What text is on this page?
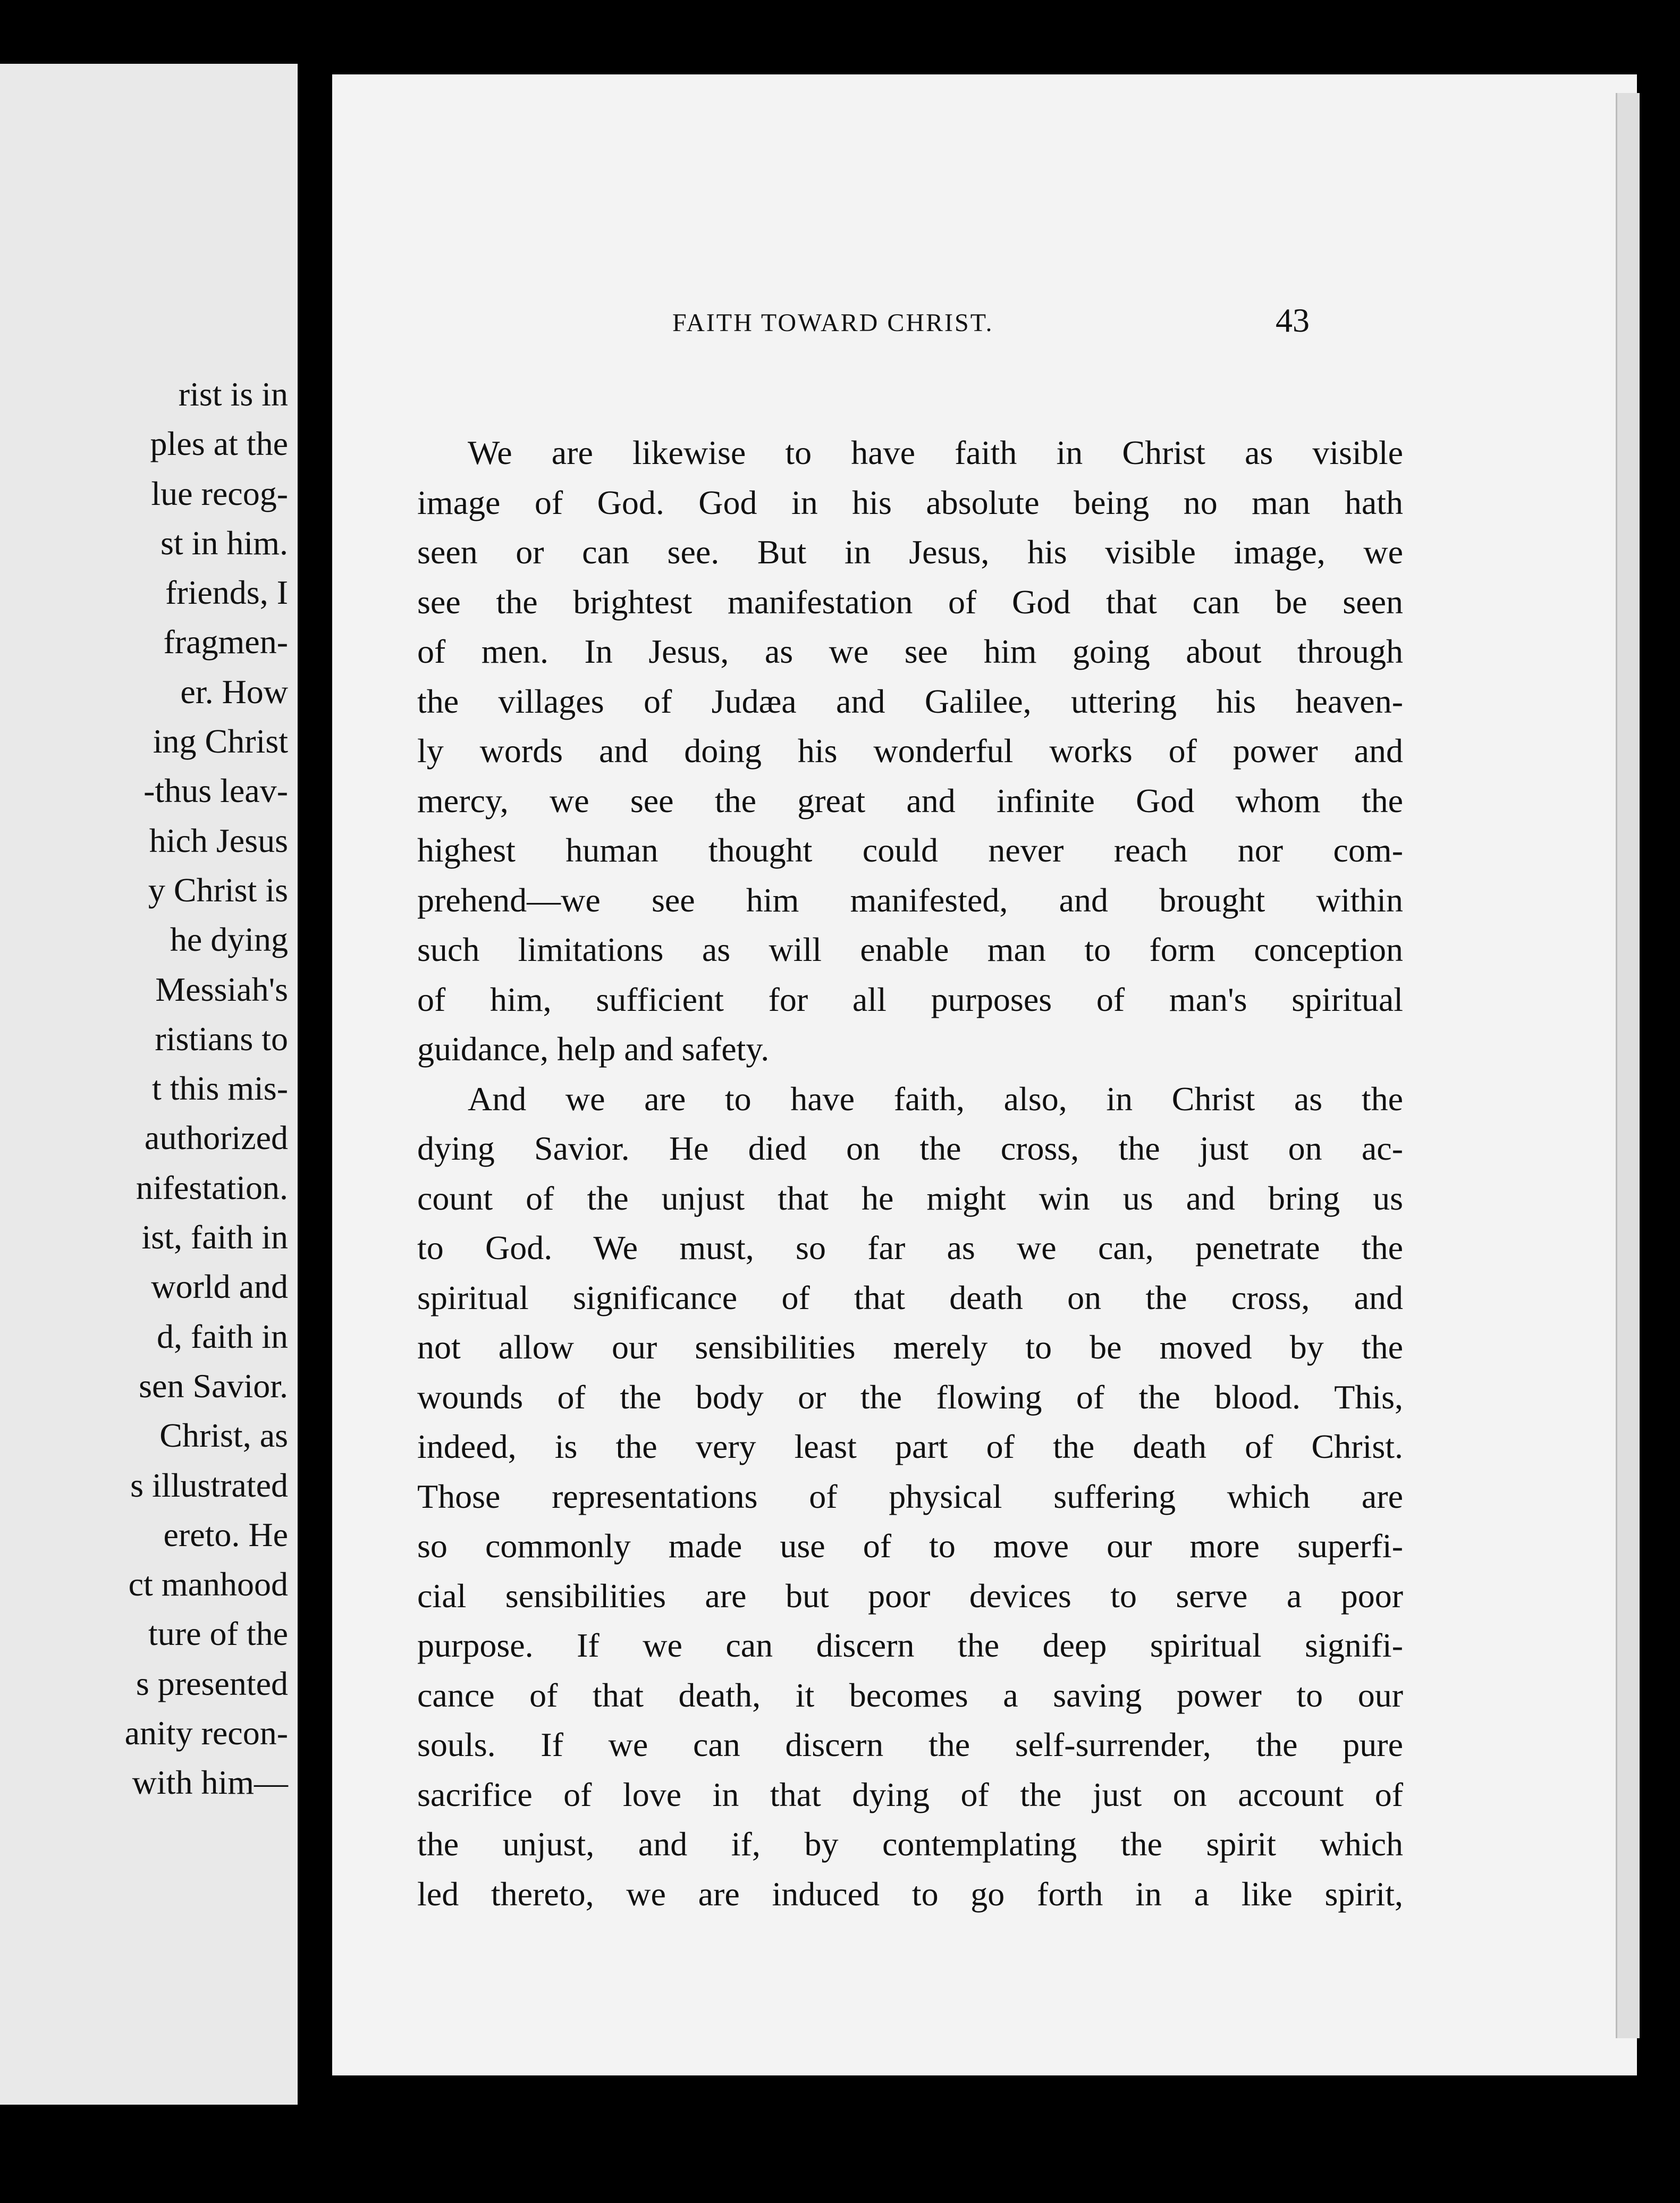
rist is in
ples at the
lue recog-
st in him.
friends, I
fragmen-
er. How
ing Christ
-thus leav-
hich Jesus
y Christ is
he dying
Messiah's
ristians to
t this mis-
authorized
nifestation.
ist, faith in
world and
d, faith in
sen Savior.
Christ, as
s illustrated
ereto. He
ct manhood
ture of the
s presented
anity recon-
with him—
FAITH TOWARD CHRIST.	43
We are likewise to have faith in Christ as visible
image of God. God in his absolute being no man hath
seen or can see. But in Jesus, his visible image, we
see the brightest manifestation of God that can be seen
of men. In Jesus, as we see him going about through
the villages of Judæa and Galilee, uttering his heaven-
ly words and doing his wonderful works of power and
mercy, we see the great and infinite God whom the
highest human thought could never reach nor com-
prehend—we see him manifested, and brought within
such limitations as will enable man to form conception
of him, sufficient for all purposes of man's spiritual
guidance, help and safety.
And we are to have faith, also, in Christ as the
dying Savior. He died on the cross, the just on ac-
count of the unjust that he might win us and bring us
to God. We must, so far as we can, penetrate the
spiritual significance of that death on the cross, and
not allow our sensibilities merely to be moved by the
wounds of the body or the flowing of the blood. This,
indeed, is the very least part of the death of Christ.
Those representations of physical suffering which are
so commonly made use of to move our more superfi-
cial sensibilities are but poor devices to serve a poor
purpose. If we can discern the deep spiritual signifi-
cance of that death, it becomes a saving power to our
souls. If we can discern the self-surrender, the pure
sacrifice of love in that dying of the just on account of
the unjust, and if, by contemplating the spirit which
led thereto, we are induced to go forth in a like spirit,
